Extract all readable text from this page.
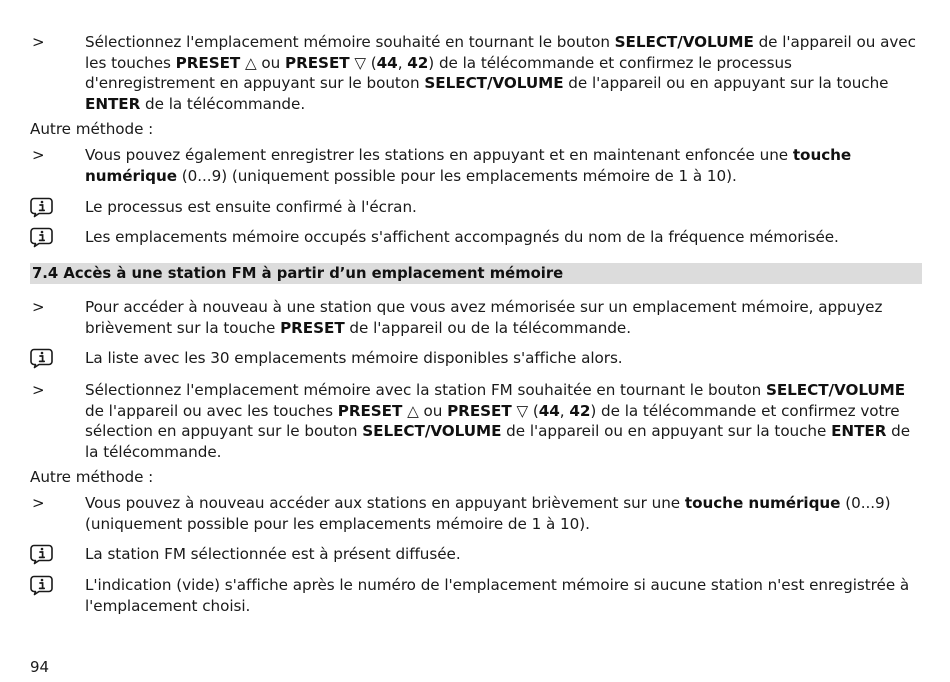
>	Sélectionnez l'emplacement mémoire souhaité en tournant le bouton SELECT/VOLUME de l'appareil ou avec les touches PRESET △ ou PRESET ▽ (44, 42) de la télécommande et confirmez le processus d'enregistrement en appuyant sur le bouton SELECT/VOLUME de l'appareil ou en appuyant sur la touche ENTER de la télécommande.
Autre méthode :
>	Vous pouvez également enregistrer les stations en appuyant et en maintenant enfoncée une touche numérique (0...9) (uniquement possible pour les emplacements mémoire de 1 à 10).
Le processus est ensuite confirmé à l'écran.
Les emplacements mémoire occupés s'affichent accompagnés du nom de la fréquence mémorisée.
7.4 Accès à une station FM à partir d’un emplacement mémoire
>	Pour accéder à nouveau à une station que vous avez mémorisée sur un emplacement mémoire, appuyez brièvement sur la touche PRESET de l'appareil ou de la télécommande.
La liste avec les 30 emplacements mémoire disponibles s'affiche alors.
>	Sélectionnez l'emplacement mémoire avec la station FM souhaitée en tournant le bouton SELECT/VOLUME de l'appareil ou avec les touches PRESET △ ou PRESET ▽ (44, 42) de la télécommande et confirmez votre sélection en appuyant sur le bouton SELECT/VOLUME de l'appareil ou en appuyant sur la touche ENTER de la télécommande.
Autre méthode :
>	Vous pouvez à nouveau accéder aux stations en appuyant brièvement sur une touche numérique (0...9) (uniquement possible pour les emplacements mémoire de 1 à 10).
La station FM sélectionnée est à présent diffusée.
L'indication (vide) s'affiche après le numéro de l'emplacement mémoire si aucune station n'est enregistrée à l'emplacement choisi.
94
